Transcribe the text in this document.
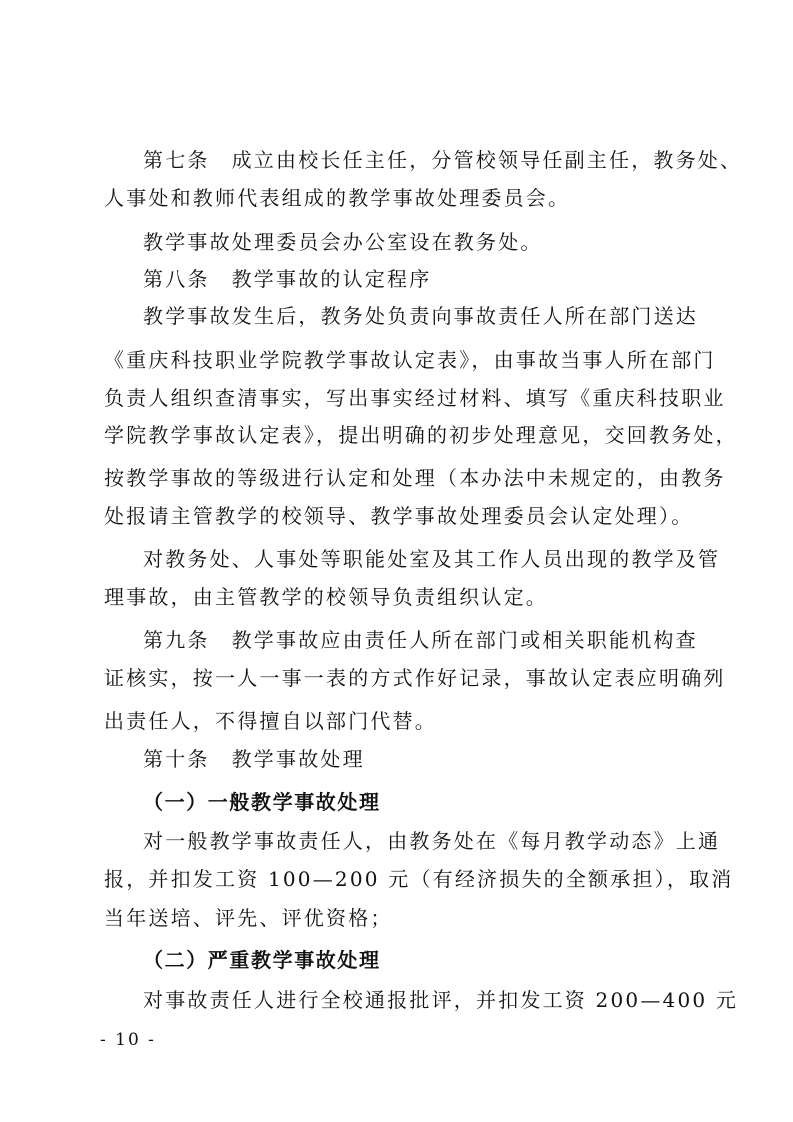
第七条 成立由校长任主任，分管校领导任副主任，教务处、
人事处和教师代表组成的教学事故处理委员会。
教学事故处理委员会办公室设在教务处。
第八条 教学事故的认定程序
教学事故发生后，教务处负责向事故责任人所在部门送达
《重庆科技职业学院教学事故认定表》，由事故当事人所在部门
负责人组织查清事实，写出事实经过材料、填写《重庆科技职业
学院教学事故认定表》，提出明确的初步处理意见，交回教务处，
按教学事故的等级进行认定和处理（本办法中未规定的，由教务
处报请主管教学的校领导、教学事故处理委员会认定处理）。
对教务处、人事处等职能处室及其工作人员出现的教学及管
理事故，由主管教学的校领导负责组织认定。
第九条 教学事故应由责任人所在部门或相关职能机构查
证核实，按一人一事一表的方式作好记录，事故认定表应明确列
出责任人，不得擅自以部门代替。
第十条 教学事故处理
（一）一般教学事故处理
对一般教学事故责任人，由教务处在《每月教学动态》上通
报，并扣发工资 100—200 元（有经济损失的全额承担），取消
当年送培、评先、评优资格；
（二）严重教学事故处理
对事故责任人进行全校通报批评，并扣发工资 200—400 元
- 10 -
